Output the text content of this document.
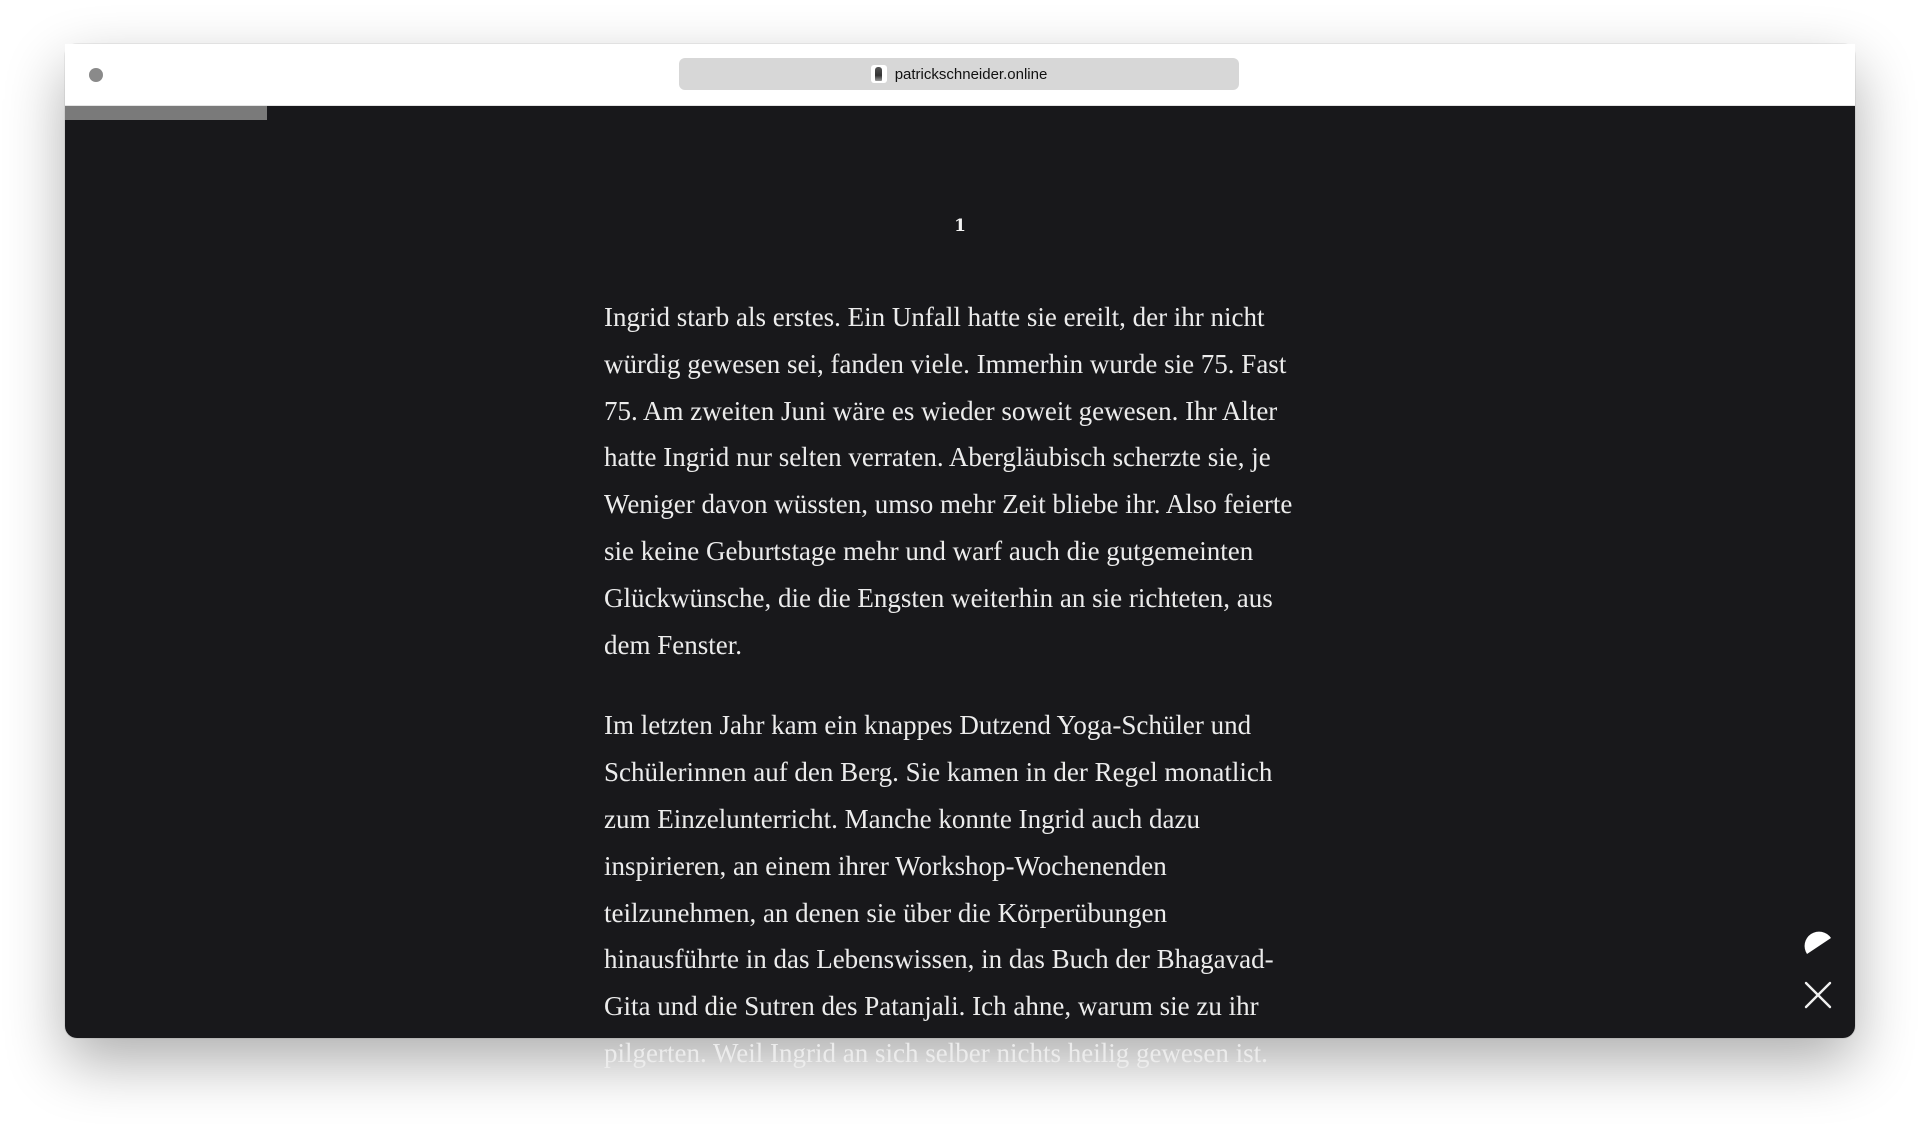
patrickschneider.online
1

Ingrid starb als erstes. Ein Unfall hatte sie ereilt, der ihr nicht würdig gewesen sei, fanden viele. Immerhin wurde sie 75. Fast 75. Am zweiten Juni wäre es wieder soweit gewesen. Ihr Alter hatte Ingrid nur selten verraten. Abergläubisch scherzte sie, je Weniger davon wüssten, umso mehr Zeit bliebe ihr. Also feierte sie keine Geburtstage mehr und warf auch die gutgemeinten Glückwünsche, die die Engsten weiterhin an sie richteten, aus dem Fenster.

Im letzten Jahr kam ein knappes Dutzend Yoga-Schüler und Schülerinnen auf den Berg. Sie kamen in der Regel monatlich zum Einzelunterricht. Manche konnte Ingrid auch dazu inspirieren, an einem ihrer Workshop-Wochenenden teilzunehmen, an denen sie über die Körperübungen hinausführte in das Lebenswissen, in das Buch der Bhagavad-Gita und die Sutren des Patanjali. Ich ahne, warum sie zu ihr pilgerten. Weil Ingrid an sich selber nichts heilig gewesen ist.
